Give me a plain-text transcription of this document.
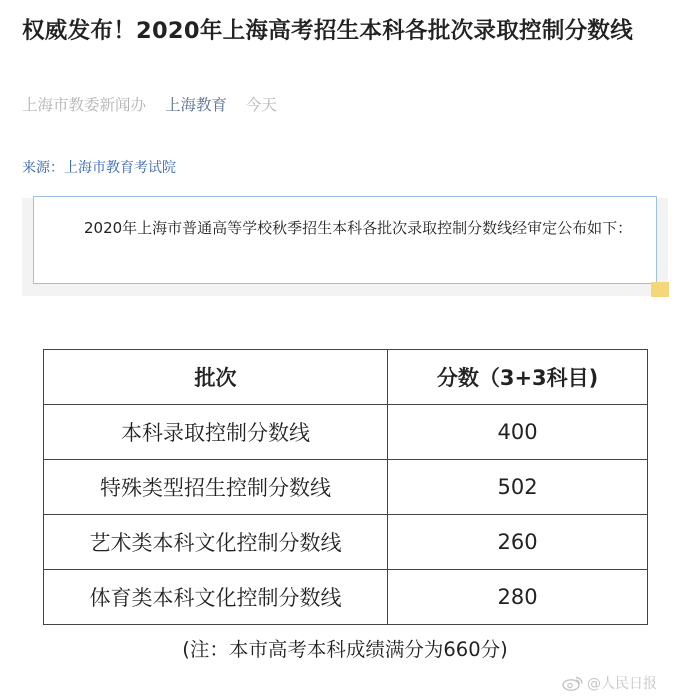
权威发布！2020年上海高考招生本科各批次录取控制分数线
上海市教委新闻办 上海教育 今天
来源：上海市教育考试院
2020年上海市普通高等学校秋季招生本科各批次录取控制分数线经审定公布如下：
批次	分数（3+3科目)
本科录取控制分数线	400
特殊类型招生控制分数线	502
艺术类本科文化控制分数线	260
体育类本科文化控制分数线	280
(注：本市高考本科成绩满分为660分)
@人民日报
